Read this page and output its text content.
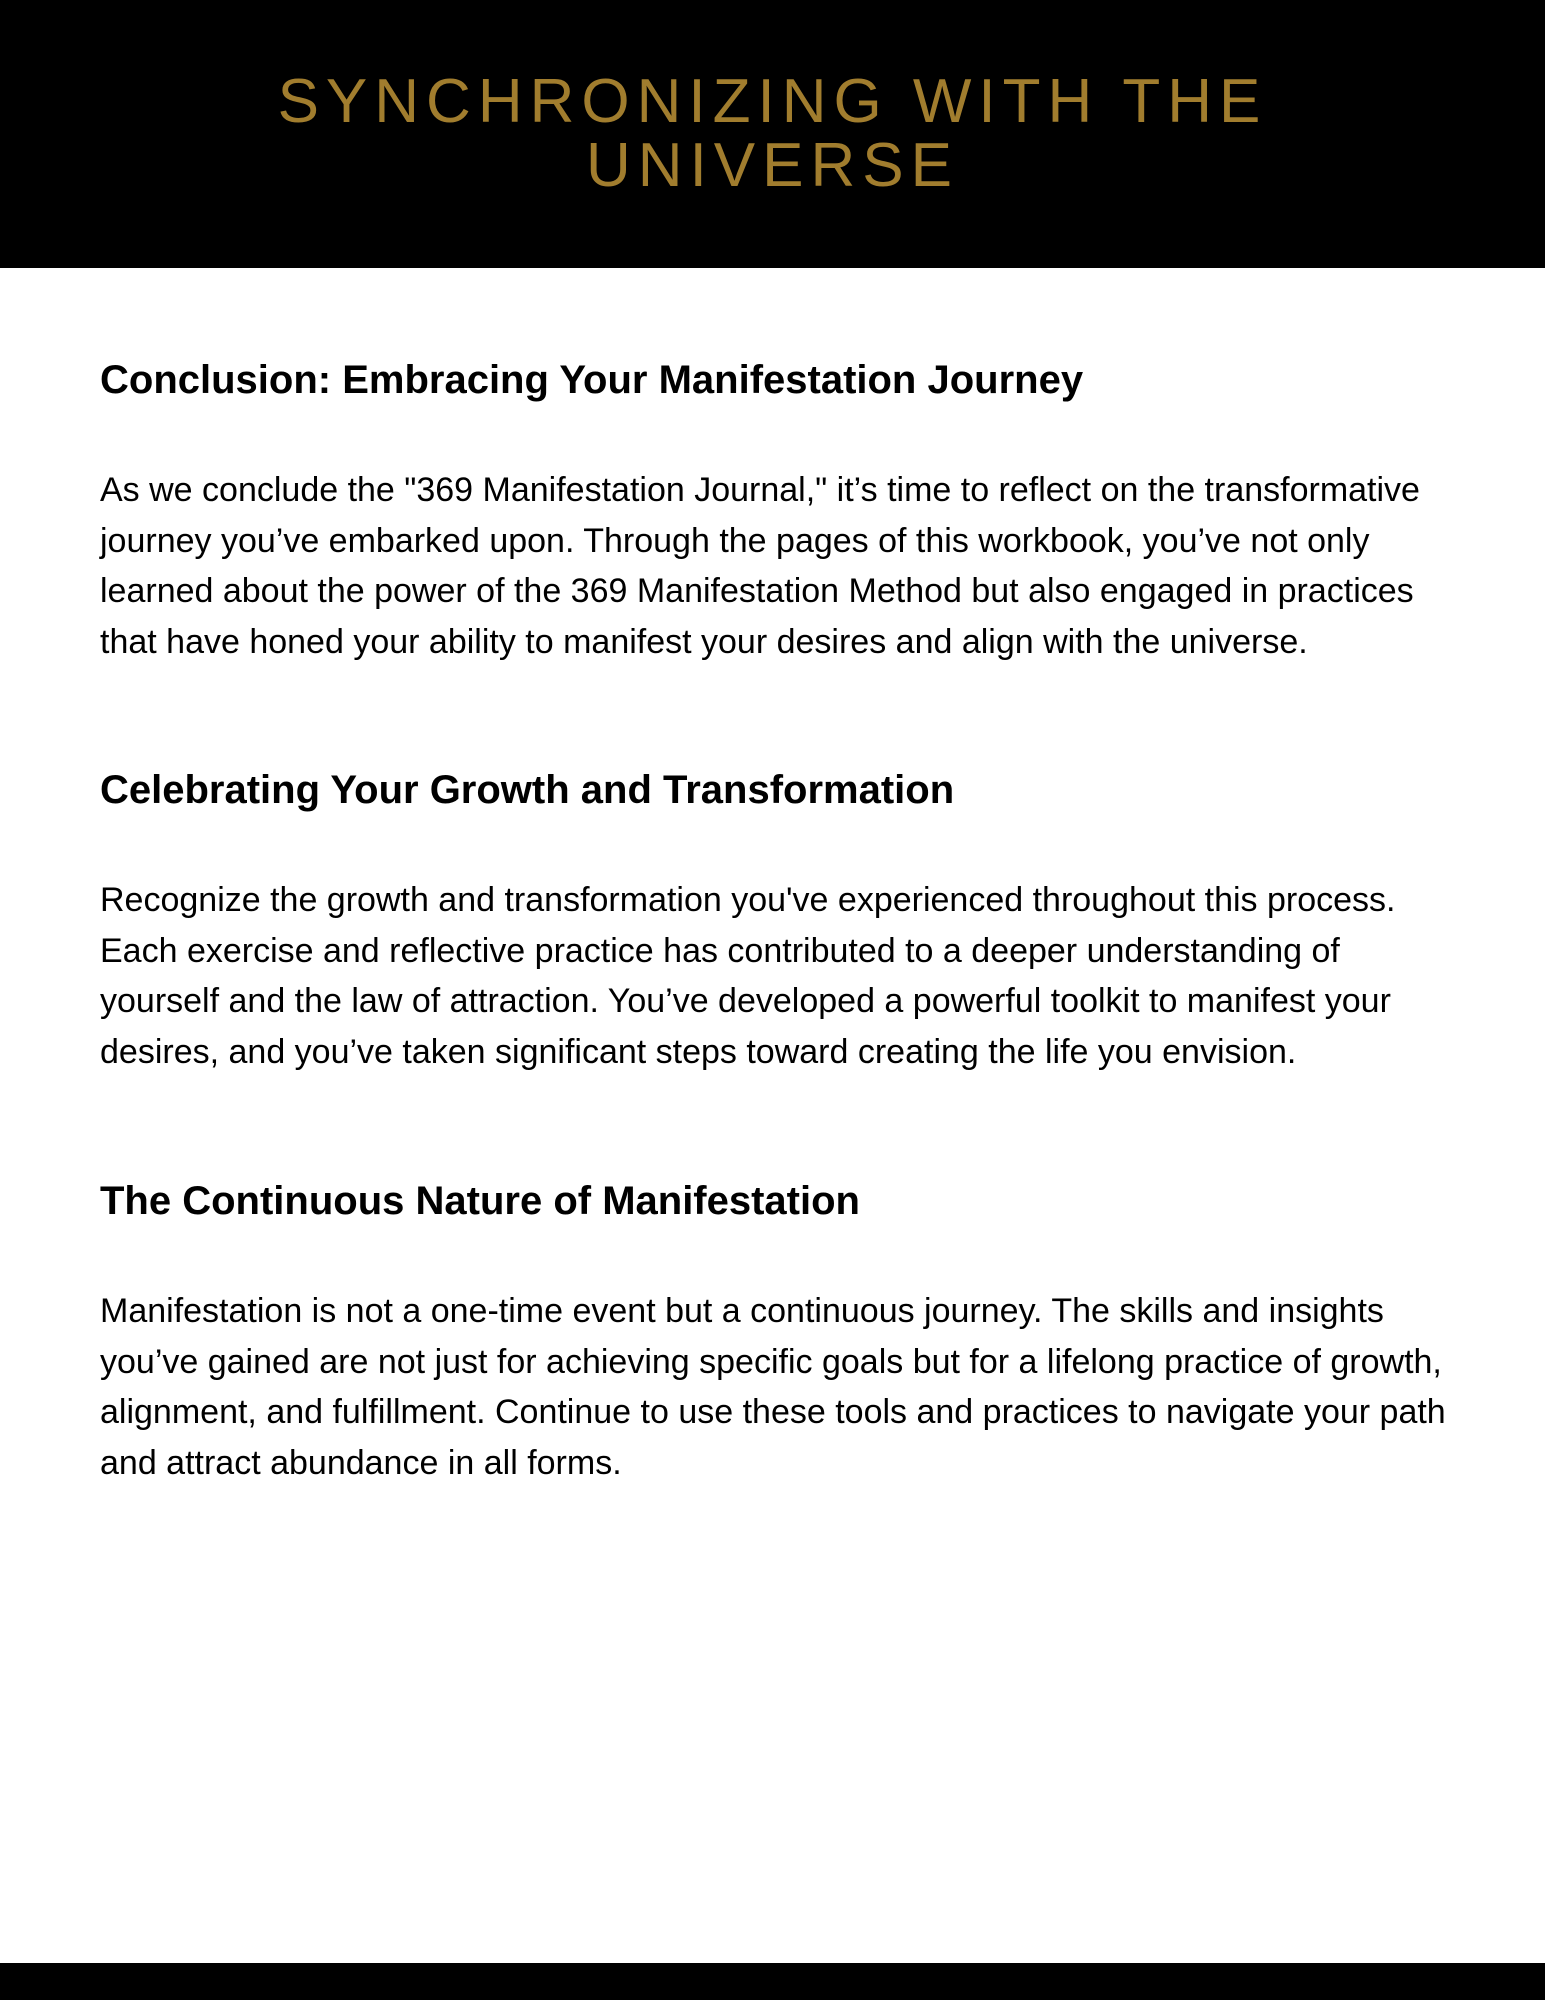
SYNCHRONIZING WITH THE UNIVERSE
Conclusion: Embracing Your Manifestation Journey

As we conclude the "369 Manifestation Journal," it’s time to reflect on the transformative journey you’ve embarked upon. Through the pages of this workbook, you’ve not only learned about the power of the 369 Manifestation Method but also engaged in practices that have honed your ability to manifest your desires and align with the universe.

Celebrating Your Growth and Transformation

Recognize the growth and transformation you've experienced throughout this process. Each exercise and reflective practice has contributed to a deeper understanding of yourself and the law of attraction. You’ve developed a powerful toolkit to manifest your desires, and you’ve taken significant steps toward creating the life you envision.

The Continuous Nature of Manifestation

Manifestation is not a one-time event but a continuous journey. The skills and insights you’ve gained are not just for achieving specific goals but for a lifelong practice of growth, alignment, and fulfillment. Continue to use these tools and practices to navigate your path and attract abundance in all forms.
